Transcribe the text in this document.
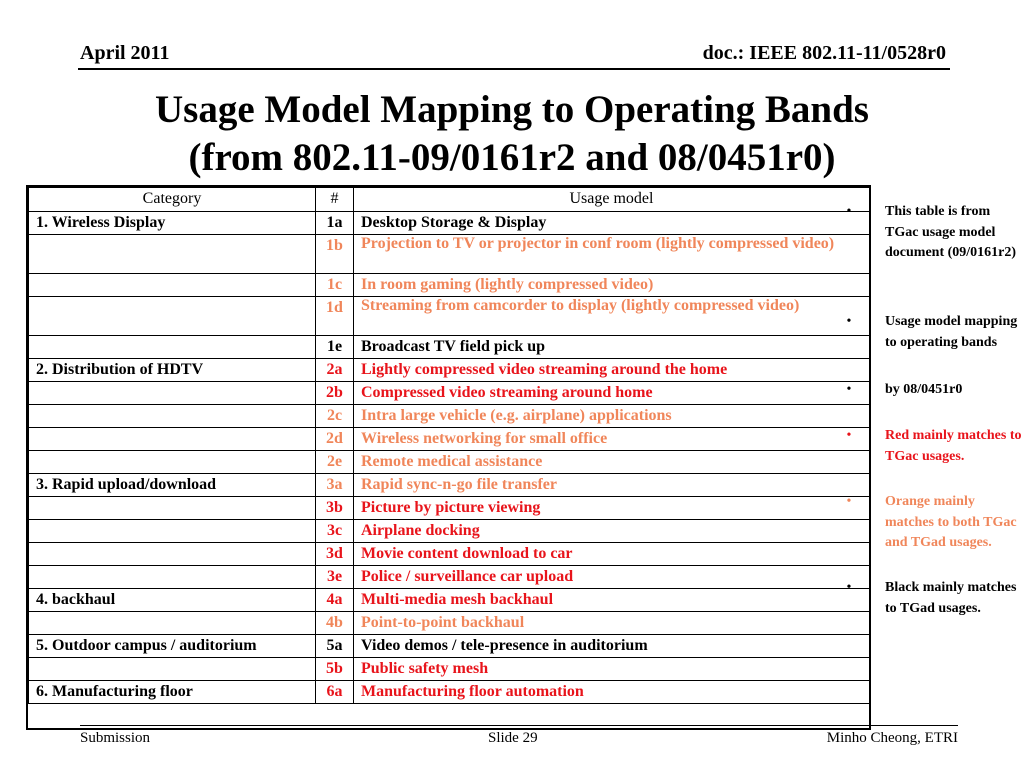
April 2011	doc.: IEEE 802.11-11/0528r0
Usage Model Mapping to Operating Bands
(from 802.11-09/0161r2 and 08/0451r0)
Category	#	Usage model
1. Wireless Display	1a	Desktop Storage & Display
	1b	Projection to TV or projector in conf room (lightly compressed video)
	1c	In room gaming (lightly compressed video)
	1d	Streaming from camcorder to display (lightly compressed video)
	1e	Broadcast TV field pick up
2. Distribution of HDTV	2a	Lightly compressed video streaming around the home
	2b	Compressed video streaming around home
	2c	Intra large vehicle (e.g. airplane) applications
	2d	Wireless networking for small office
	2e	Remote medical assistance
3. Rapid upload/download	3a	Rapid sync-n-go file transfer
	3b	Picture by picture viewing
	3c	Airplane docking
	3d	Movie content download to car
	3e	Police / surveillance car upload
4. backhaul	4a	Multi-media mesh backhaul
	4b	Point-to-point backhaul
5. Outdoor campus / auditorium	5a	Video demos / tele-presence in auditorium
	5b	Public safety mesh
6. Manufacturing floor	6a	Manufacturing floor automation
•	This table is from TGac usage model document (09/0161r2)
•	Usage model mapping to operating bands
•	by 08/0451r0
•	Red mainly matches to TGac usages.
•	Orange mainly matches to both TGac and TGad usages.
•	Black mainly matches to TGad usages.
Submission	Slide 29	Minho Cheong, ETRI
